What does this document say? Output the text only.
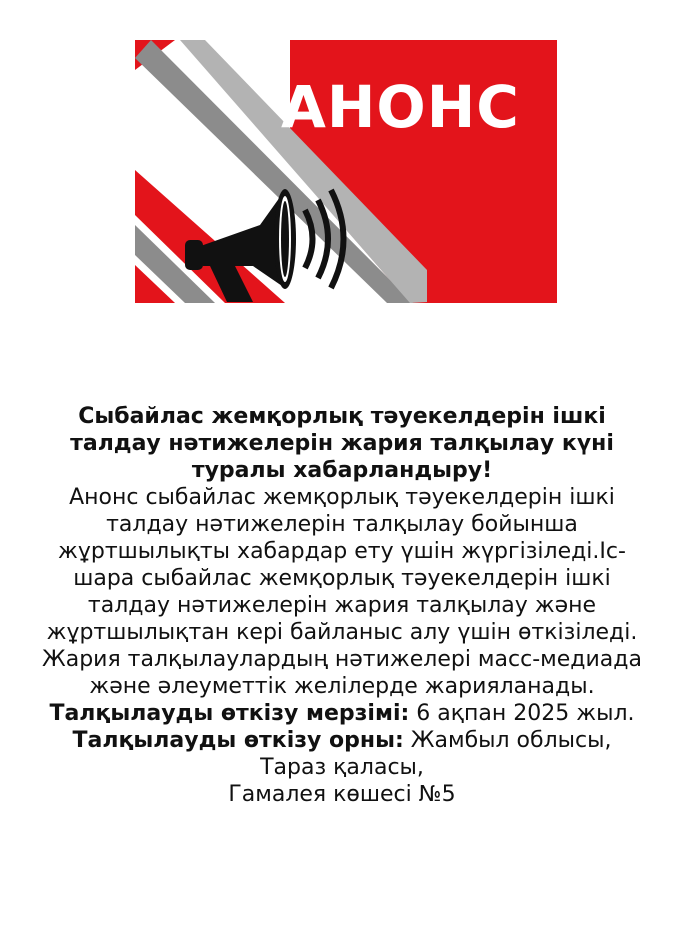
АНОНС

Сыбайлас жемқорлық тәуекелдерін ішкі талдау нәтижелерін жария талқылау күні туралы хабарландыру!

Анонс сыбайлас жемқорлық тәуекелдерін ішкі талдау нәтижелерін талқылау бойынша жұртшылықты хабардар ету үшін жүргізіледі.Іс-шара сыбайлас жемқорлық тәуекелдерін ішкі талдау нәтижелерін жария талқылау және жұртшылықтан кері байланыс алу үшін өткізіледі. Жария талқылаулардың нәтижелері масс-медиада және әлеуметтік желілерде жарияланады.

Талқылауды өткізу мерзімі: 6 ақпан 2025 жыл.

Талқылауды өткізу орны: Жамбыл облысы,
Тараз қаласы,
Гамалея көшесі №5
